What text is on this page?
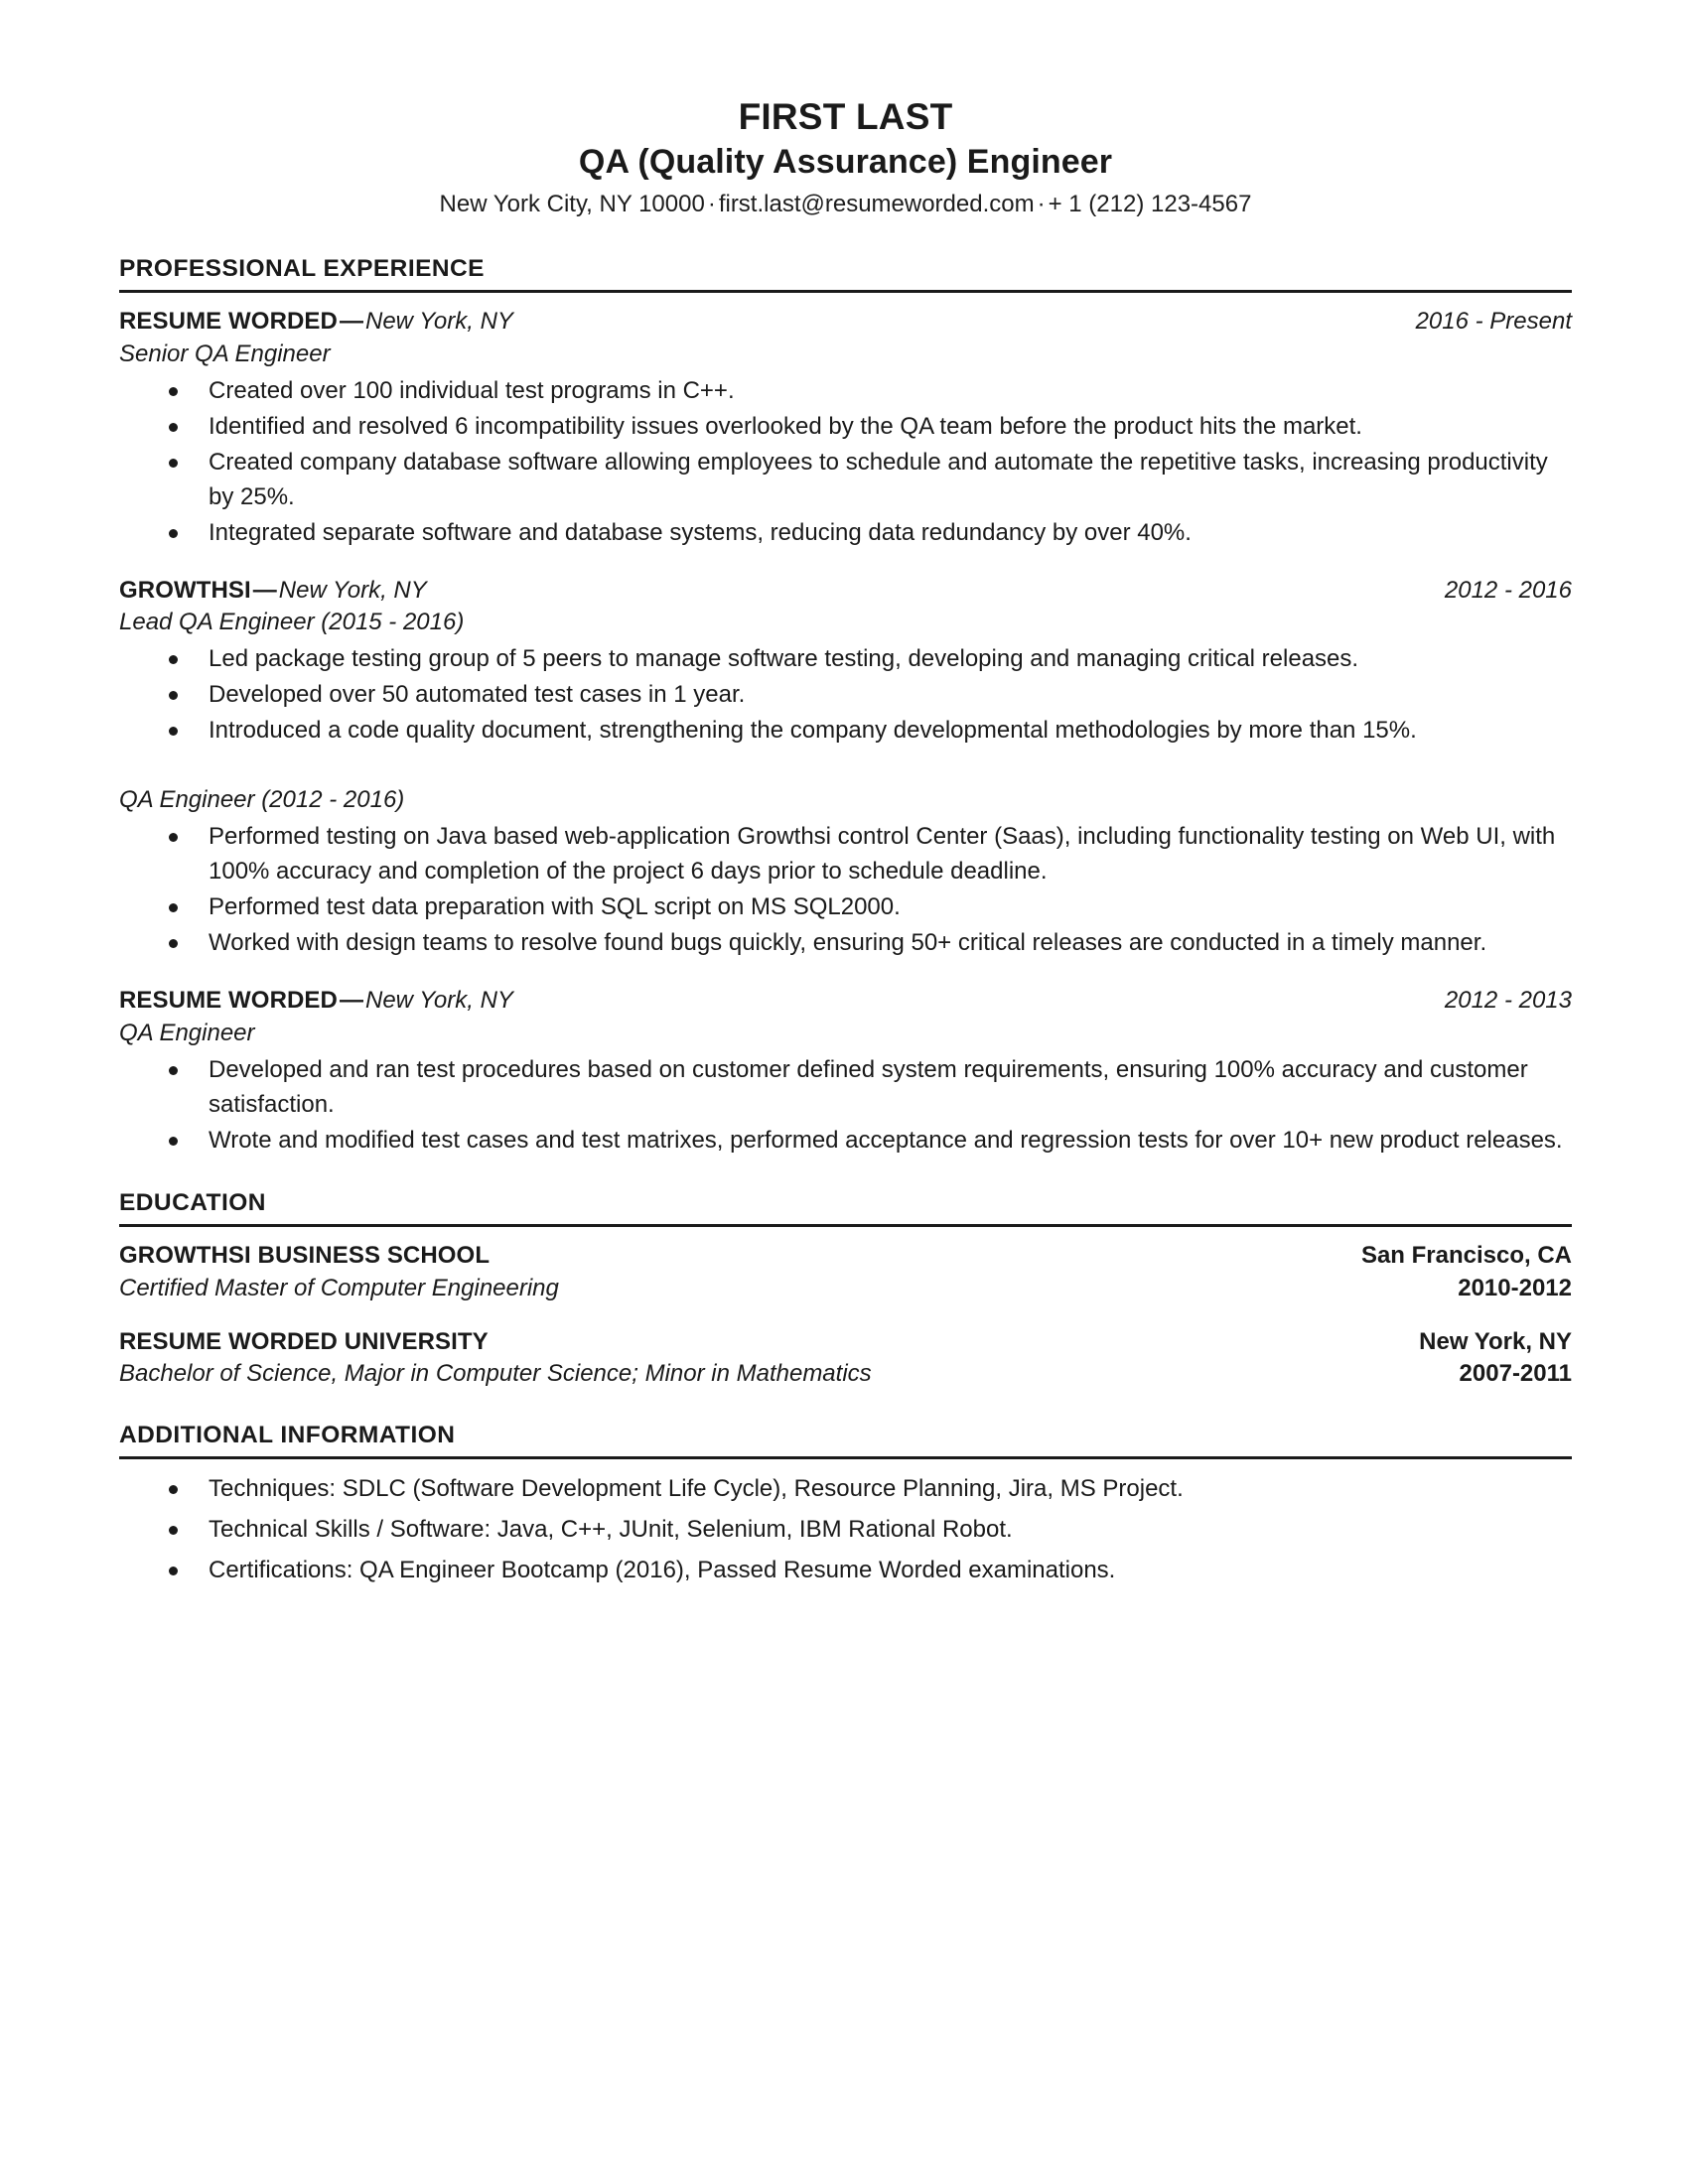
FIRST LAST
QA (Quality Assurance) Engineer

New York City, NY 10000 · first.last@resumeworded.com · + 1 (212) 123-4567

PROFESSIONAL EXPERIENCE
RESUME WORDED—New York, NY	2016 - Present
Senior QA Engineer
Created over 100 individual test programs in C++.
Identified and resolved 6 incompatibility issues overlooked by the QA team before the product hits the market.
Created company database software allowing employees to schedule and automate the repetitive tasks, increasing productivity by 25%.
Integrated separate software and database systems, reducing data redundancy by over 40%.
GROWTHSI—New York, NY	2012 - 2016
Lead QA Engineer (2015 - 2016)
Led package testing group of 5 peers to manage software testing, developing and managing critical releases.
Developed over 50 automated test cases in 1 year.
Introduced a code quality document, strengthening the company developmental methodologies by more than 15%.
QA Engineer (2012 - 2016)
Performed testing on Java based web-application Growthsi control Center (Saas), including functionality testing on Web UI, with 100% accuracy and completion of the project 6 days prior to schedule deadline.
Performed test data preparation with SQL script on MS SQL2000.
Worked with design teams to resolve found bugs quickly, ensuring 50+ critical releases are conducted in a timely manner.
RESUME WORDED—New York, NY	2012 - 2013
QA Engineer
Developed and ran test procedures based on customer defined system requirements, ensuring 100% accuracy and customer satisfaction.
Wrote and modified test cases and test matrixes, performed acceptance and regression tests for over 10+ new product releases.
EDUCATION
GROWTHSI BUSINESS SCHOOL	San Francisco, CA
Certified Master of Computer Engineering	2010-2012
RESUME WORDED UNIVERSITY	New York, NY
Bachelor of Science, Major in Computer Science; Minor in Mathematics	2007-2011
ADDITIONAL INFORMATION
Techniques: SDLC (Software Development Life Cycle), Resource Planning, Jira, MS Project.
Technical Skills / Software: Java, C++, JUnit, Selenium, IBM Rational Robot.
Certifications: QA Engineer Bootcamp (2016), Passed Resume Worded examinations.
